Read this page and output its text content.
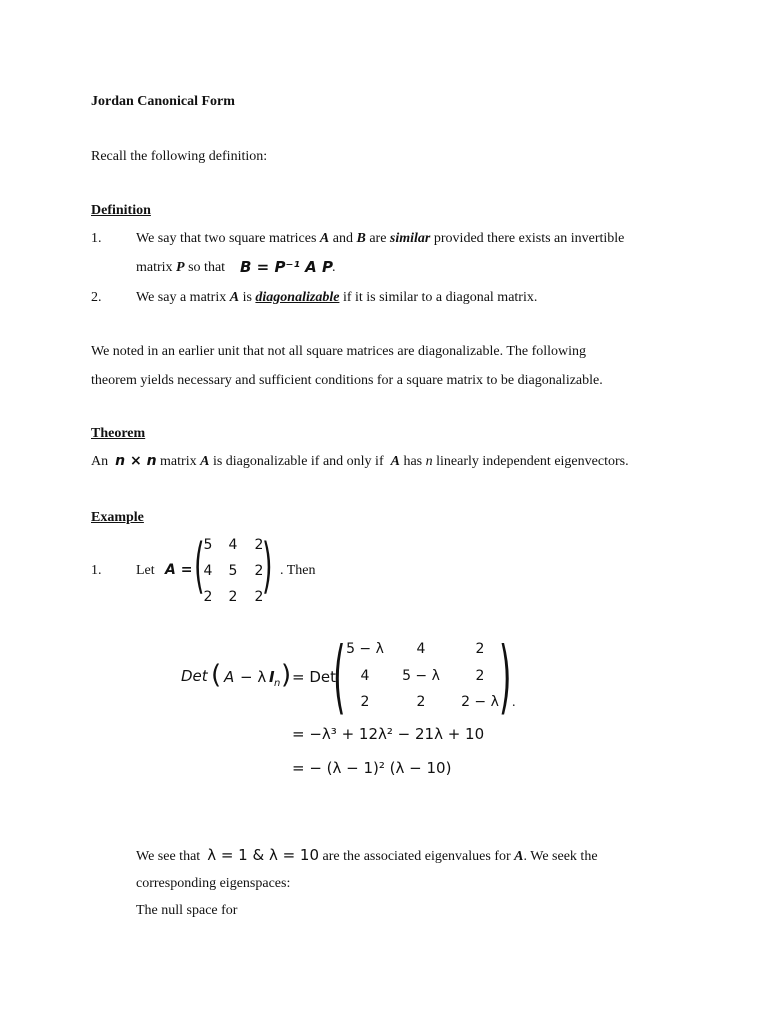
Jordan Canonical Form
Recall the following definition:
Definition
1. We say that two square matrices A and B are similar provided there exists an invertible
matrix P so that B = P⁻¹ A P .
2. We say a matrix A is diagonalizable if it is similar to a diagonal matrix.
We noted in an earlier unit that not all square matrices are diagonalizable. The following
theorem yields necessary and sufficient conditions for a square matrix to be diagonalizable.
Theorem
An n × n matrix A is diagonalizable if and only if A has n linearly independent eigenvectors.
Example
1. Let A = ( )
5	4	2
4	5	2
2	2	2
. Then
Det ( A − λ I n ) = Det
( )
5 − λ	4	2
4	5 − λ	2
2	2	2 − λ .
= −λ³ + 12λ² − 21λ + 10
= − (λ − 1)² (λ − 10)
We see that λ = 1 & λ = 10 are the associated eigenvalues for A. We seek the
corresponding eigenspaces:
The null space for
